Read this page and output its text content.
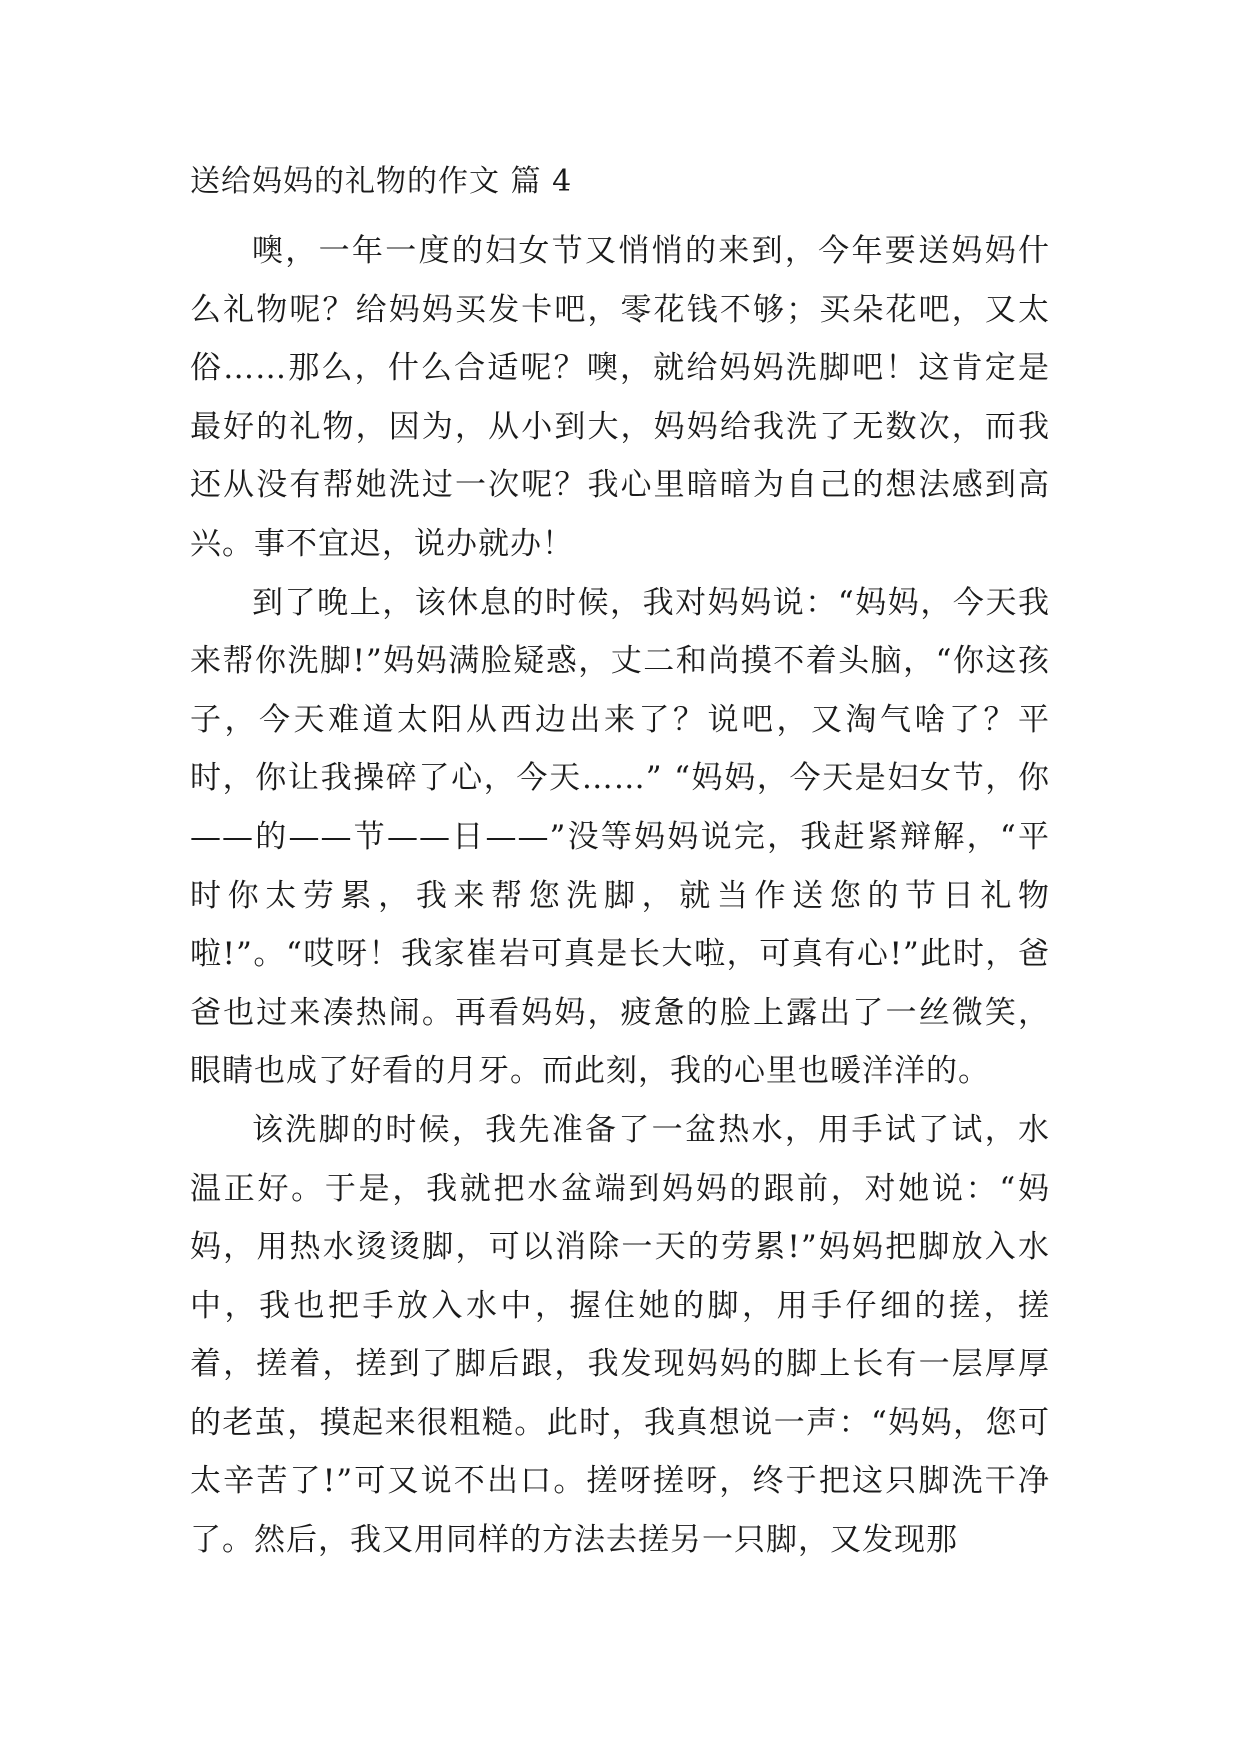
送给妈妈的礼物的作文 篇 4

噢，一年一度的妇女节又悄悄的来到，今年要送妈妈什么礼物呢？给妈妈买发卡吧，零花钱不够；买朵花吧，又太俗……那么，什么合适呢？噢，就给妈妈洗脚吧！这肯定是最好的礼物，因为，从小到大，妈妈给我洗了无数次，而我还从没有帮她洗过一次呢？我心里暗暗为自己的想法感到高兴。事不宜迟，说办就办！

到了晚上，该休息的时候，我对妈妈说：“妈妈，今天我来帮你洗脚!”妈妈满脸疑惑，丈二和尚摸不着头脑，“你这孩子，今天难道太阳从西边出来了？说吧，又淘气啥了？平时，你让我操碎了心，今天……” “妈妈，今天是妇女节，你——的——节——日——”没等妈妈说完，我赶紧辩解，“平时你太劳累，我来帮您洗脚，就当作送您的节日礼物啦!”。“哎呀！我家崔岩可真是长大啦，可真有心!”此时，爸爸也过来凑热闹。再看妈妈，疲惫的脸上露出了一丝微笑，眼睛也成了好看的月牙。而此刻，我的心里也暖洋洋的。

该洗脚的时候，我先准备了一盆热水，用手试了试，水温正好。于是，我就把水盆端到妈妈的跟前，对她说：“妈妈，用热水烫烫脚，可以消除一天的劳累!”妈妈把脚放入水中，我也把手放入水中，握住她的脚，用手仔细的搓，搓着，搓着，搓到了脚后跟，我发现妈妈的脚上长有一层厚厚的老茧，摸起来很粗糙。此时，我真想说一声：“妈妈，您可太辛苦了!”可又说不出口。搓呀搓呀，终于把这只脚洗干净了。然后，我又用同样的方法去搓另一只脚，又发现那
